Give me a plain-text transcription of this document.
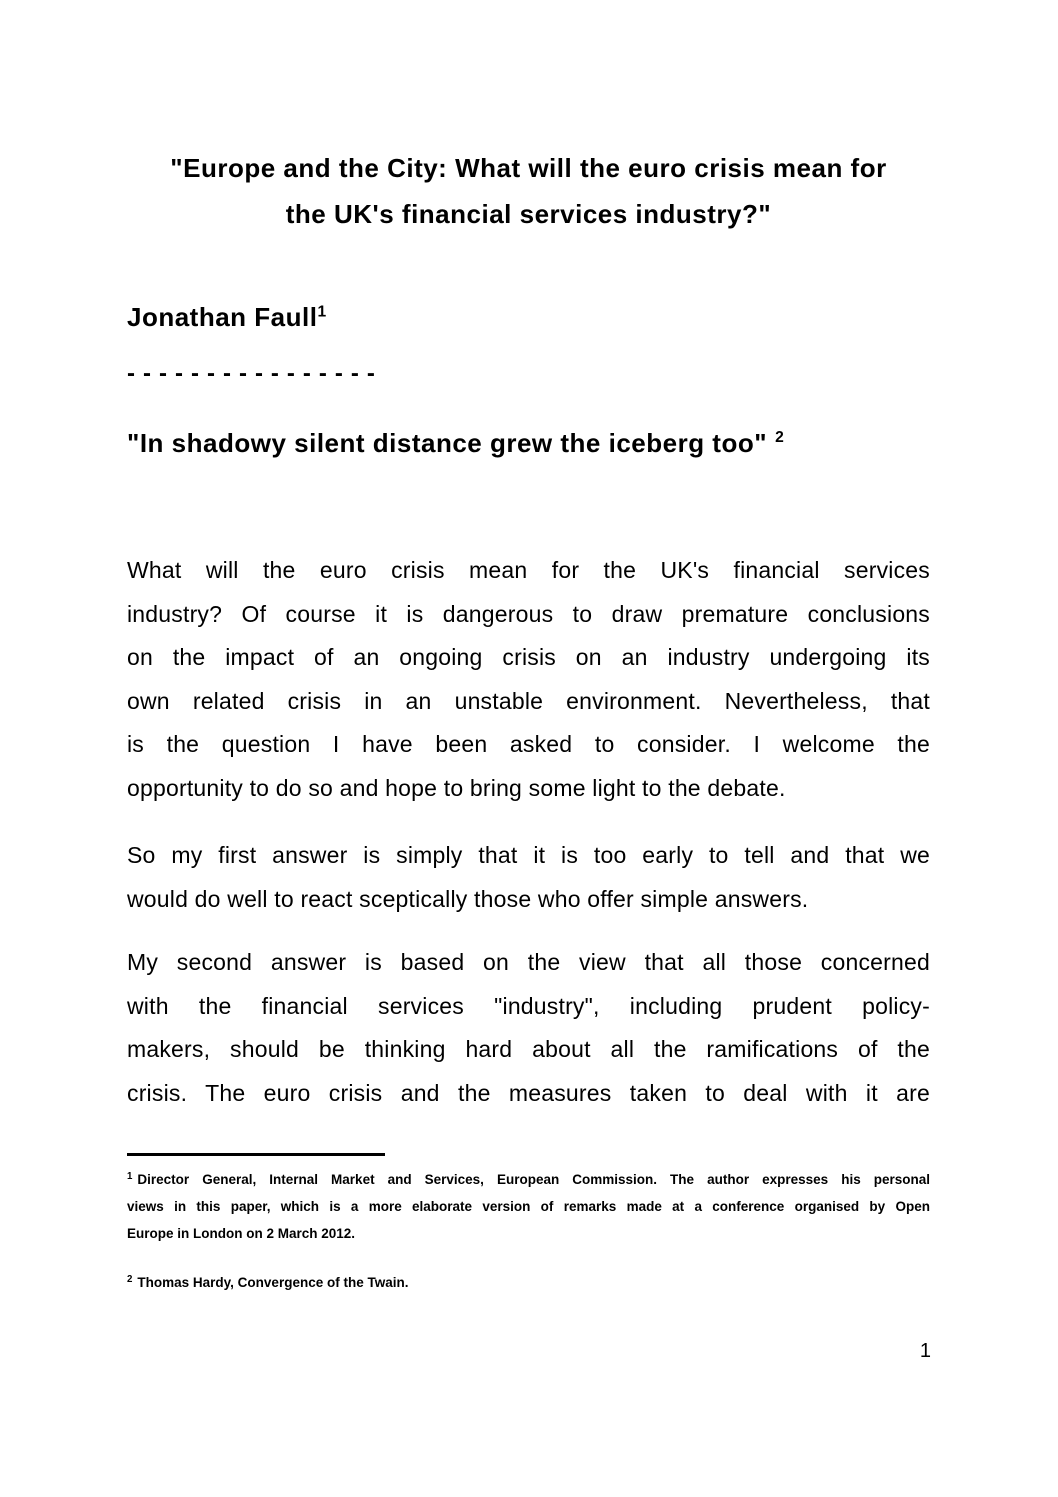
"Europe and the City: What will the euro crisis mean for
the UK's financial services industry?"
Jonathan Faull$^1$
----------------
"In shadowy silent distance grew the iceberg too" $^2$

What will the euro crisis mean for the UK's financial services
industry? Of course it is dangerous to draw premature conclusions
on the impact of an ongoing crisis on an industry undergoing its
own related crisis in an unstable environment. Nevertheless, that
is the question I have been asked to consider. I welcome the
opportunity to do so and hope to bring some light to the debate.

So my first answer is simply that it is too early to tell and that we
would do well to react sceptically those who offer simple answers.

My second answer is based on the view that all those concerned
with the financial services "industry", including prudent policy-
makers, should be thinking hard about all the ramifications of the
crisis. The euro crisis and the measures taken to deal with it are

$^1$ Director General, Internal Market and Services, European Commission. The author expresses his personal
views in this paper, which is a more elaborate version of remarks made at a conference organised by Open
Europe in London on 2 March 2012.
$^2$ Thomas Hardy, Convergence of the Twain.
1
